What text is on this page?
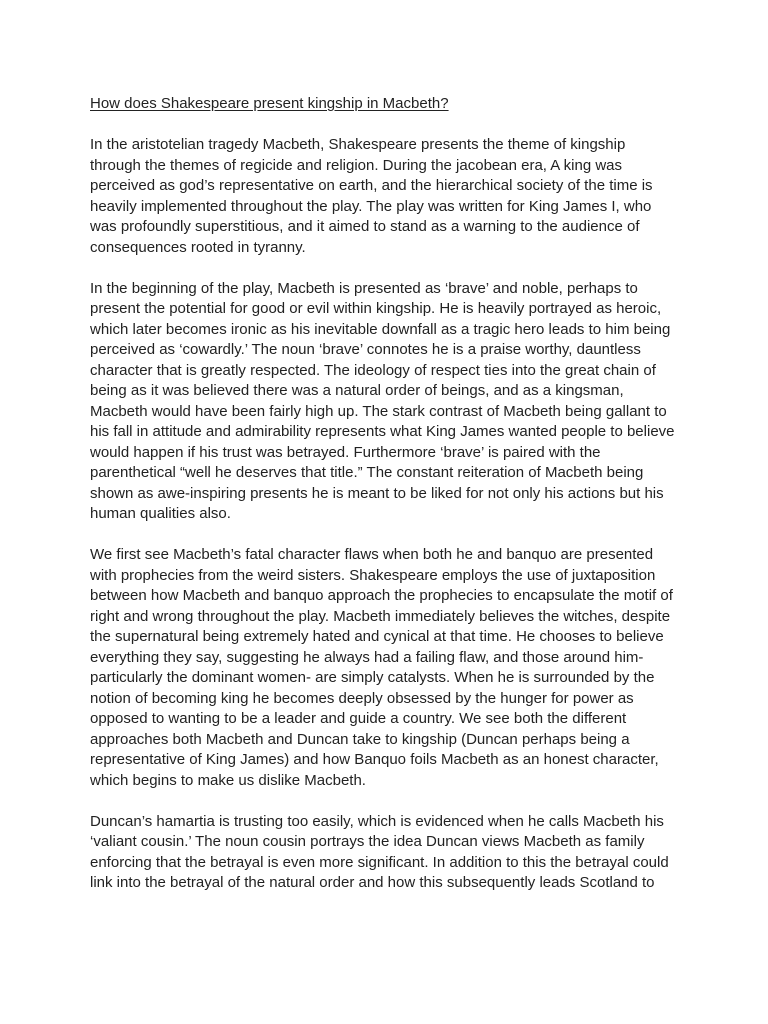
How does Shakespeare present kingship in Macbeth?
In the aristotelian tragedy Macbeth, Shakespeare presents the theme of kingship
through the themes of regicide and religion. During the jacobean era, A king was
perceived as god’s representative on earth, and the hierarchical society of the time is
heavily implemented throughout the play. The play was written for King James I, who
was profoundly superstitious, and it aimed to stand as a warning to the audience of
consequences rooted in tyranny.
In the beginning of the play, Macbeth is presented as ‘brave’ and noble, perhaps to
present the potential for good or evil within kingship. He is heavily portrayed as heroic,
which later becomes ironic as his inevitable downfall as a tragic hero leads to him being
perceived as ‘cowardly.’ The noun ‘brave’ connotes he is a praise worthy, dauntless
character that is greatly respected. The ideology of respect ties into the great chain of
being as it was believed there was a natural order of beings, and as a kingsman,
Macbeth would have been fairly high up. The stark contrast of Macbeth being gallant to
his fall in attitude and admirability represents what King James wanted people to believe
would happen if his trust was betrayed. Furthermore ‘brave’ is paired with the
parenthetical “well he deserves that title.” The constant reiteration of Macbeth being
shown as awe-inspiring presents he is meant to be liked for not only his actions but his
human qualities also.
We first see Macbeth’s fatal character flaws when both he and banquo are presented
with prophecies from the weird sisters. Shakespeare employs the use of juxtaposition
between how Macbeth and banquo approach the prophecies to encapsulate the motif of
right and wrong throughout the play. Macbeth immediately believes the witches, despite
the supernatural being extremely hated and cynical at that time. He chooses to believe
everything they say, suggesting he always had a failing flaw, and those around him-
particularly the dominant women- are simply catalysts. When he is surrounded by the
notion of becoming king he becomes deeply obsessed by the hunger for power as
opposed to wanting to be a leader and guide a country. We see both the different
approaches both Macbeth and Duncan take to kingship (Duncan perhaps being a
representative of King James) and how Banquo foils Macbeth as an honest character,
which begins to make us dislike Macbeth.
Duncan’s hamartia is trusting too easily, which is evidenced when he calls Macbeth his
‘valiant cousin.’ The noun cousin portrays the idea Duncan views Macbeth as family
enforcing that the betrayal is even more significant. In addition to this the betrayal could
link into the betrayal of the natural order and how this subsequently leads Scotland to
